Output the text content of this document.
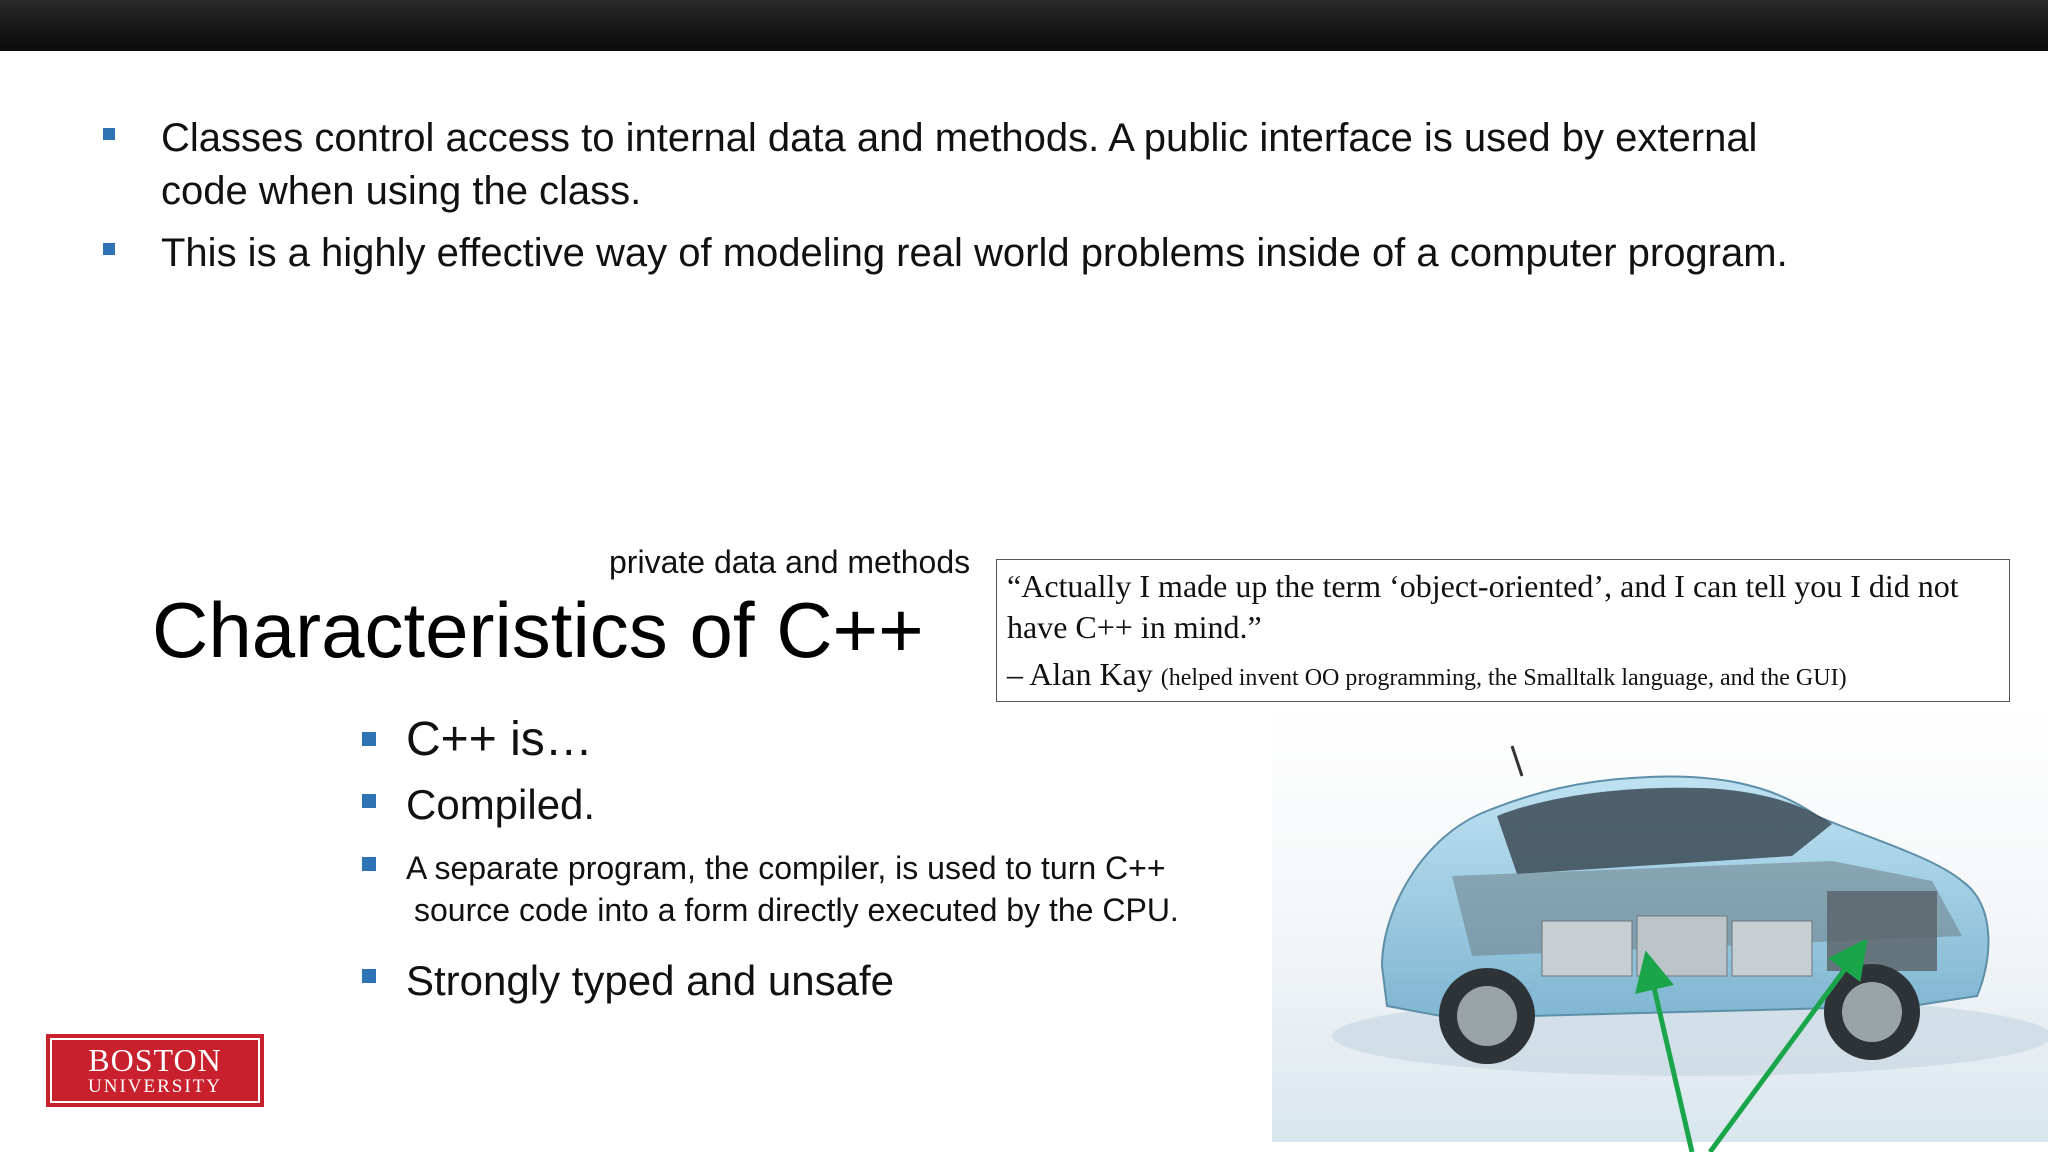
Classes control access to internal data and methods. A public interface is used by external
code when using the class.
This is a highly effective way of modeling real world problems inside of a computer program.
private data and methods
Characteristics of C++	“Actually I made up the term ‘object-oriented’, and I can tell you I did not have C++ in mind.”
– Alan Kay (helped invent OO programming, the Smalltalk language, and the GUI)
C++ is…
Compiled.
A separate program, the compiler, is used to turn C++
source code into a form directly executed by the CPU.
Strongly typed and unsafe
BOSTON
UNIVERSITY
